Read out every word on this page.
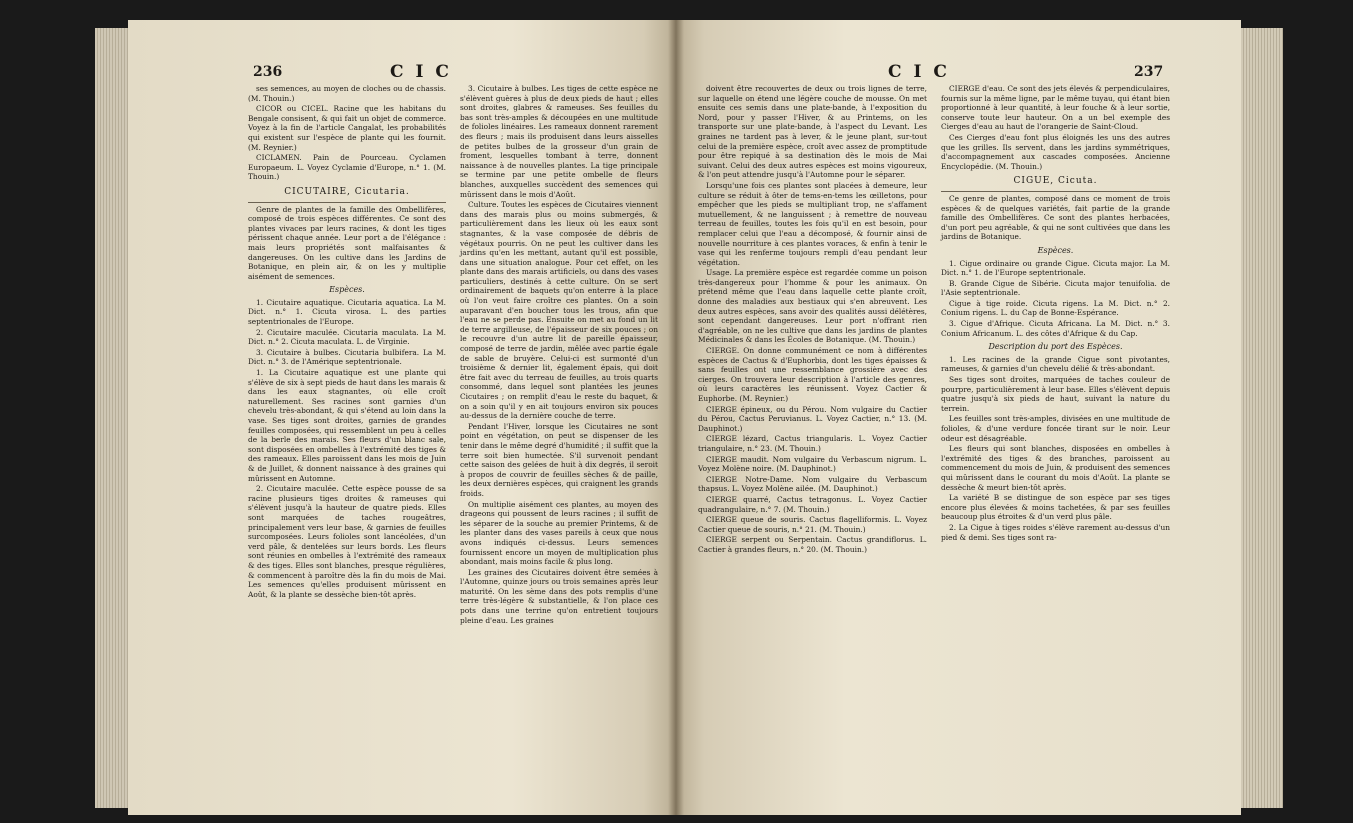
236	C I C

ses semences, au moyen de cloches ou de chassis. (M. Thouin.)

CICOR ou CICEL. Racine que les habitans du Bengale consisent, & qui fait un objet de commerce. Voyez à la fin de l'article Cangalat, les probabilités qui existent sur l'espèce de plante qui les fournit. (M. Reynier.)

CICLAMEN. Pain de Pourceau. Cyclamen Europaeum. L. Voyez Cyclamie d'Europe, n.° 1. (M. Thouin.)

CICUTAIRE, Cicutaria.

Genre de plantes de la famille des Ombellifères, composé de trois espèces différentes. Ce sont des plantes vivaces par leurs racines, & dont les tiges périssent chaque année. Leur port a de l'élégance : mais leurs propriétés sont malfaisantes & dangereuses. On les cultive dans les Jardins de Botanique, en plein air, & on les y multiplie aisément de semences.

Espèces.

1. Cicutaire aquatique. Cicutaria aquatica. La M. Dict. n.° 1. Cicuta virosa. L. des parties septentrionales de l'Europe.

2. Cicutaire maculée. Cicutaria maculata. La M. Dict. n.° 2. Cicuta maculata. L. de Virginie.

3. Cicutaire à bulbes. Cicutaria bulbifera. La M. Dict. n.° 3. de l'Amérique septentrionale.

1. La Cicutaire aquatique est une plante qui s'élève de six à sept pieds de haut dans les marais & dans les eaux stagnantes, où elle croît naturellement. Ses racines sont garnies d'un chevelu très-abondant, & qui s'étend au loin dans la vase. Ses tiges sont droites, garnies de grandes feuilles composées, qui ressemblent un peu à celles de la berle des marais. Ses fleurs d'un blanc sale, sont disposées en ombelles à l'extrémité des tiges & des rameaux. Elles paroissent dans les mois de Juin & de Juillet, & donnent naissance à des graines qui mûrissent en Automne.

2. Cicutaire maculée. Cette espèce pousse de sa racine plusieurs tiges droites & rameuses qui s'élèvent jusqu'à la hauteur de quatre pieds. Elles sont marquées de taches rougeâtres, principalement vers leur base, & garnies de feuilles surcomposées. Leurs folioles sont lancéolées, d'un verd pâle, & dentelées sur leurs bords. Les fleurs sont réunies en ombelles à l'extrémité des rameaux & des tiges. Elles sont blanches, presque régulières, & commencent à paroître dès la fin du mois de Mai. Les semences qu'elles produisent mûrissent en Août, & la plante se dessèche bien-tôt après.

3. Cicutaire à bulbes. Les tiges de cette espèce ne s'élèvent guères à plus de deux pieds de haut ; elles sont droites, glabres & rameuses. Ses feuilles du bas sont très-amples & découpées en une multitude de folioles linéaires. Les rameaux donnent rarement des fleurs ; mais ils produisent dans leurs aisselles de petites bulbes de la grosseur d'un grain de froment, lesquelles tombant à terre, donnent naissance à de nouvelles plantes. La tige principale se termine par une petite ombelle de fleurs blanches, auxquelles succèdent des semences qui mûrissent dans le mois d'Août.

Culture. Toutes les espèces de Cicutaires viennent dans des marais plus ou moins submergés, & particulièrement dans les lieux où les eaux sont stagnantes, & la vase composée de débris de végétaux pourris. On ne peut les cultiver dans les jardins qu'en les mettant, autant qu'il est possible, dans une situation analogue. Pour cet effet, on les plante dans des marais artificiels, ou dans des vases particuliers, destinés à cette culture. On se sert ordinairement de baquets qu'on enterre à la place où l'on veut faire croître ces plantes. On a soin auparavant d'en boucher tous les trous, afin que l'eau ne se perde pas. Ensuite on met au fond un lit de terre argilleuse, de l'épaisseur de six pouces ; on le recouvre d'un autre lit de pareille épaisseur, composé de terre de jardin, mêlée avec partie égale de sable de bruyère. Celui-ci est surmonté d'un troisième & dernier lit, également épais, qui doit être fait avec du terreau de feuilles, au trois quarts consommé, dans lequel sont plantées les jeunes Cicutaires ; on remplit d'eau le reste du baquet, & on a soin qu'il y en ait toujours environ six pouces au-dessus de la dernière couche de terre.

Pendant l'Hiver, lorsque les Cicutaires ne sont point en végétation, on peut se dispenser de les tenir dans le même degré d'humidité ; il suffit que la terre soit bien humectée. S'il survenoit pendant cette saison des gelées de huit à dix degrés, il seroit à propos de couvrir de feuilles sèches & de paille, les deux dernières espèces, qui craignent les grands froids.

On multiplie aisément ces plantes, au moyen des drageons qui poussent de leurs racines ; il suffit de les séparer de la souche au premier Printems, & de les planter dans des vases pareils à ceux que nous avons indiqués ci-dessus. Leurs semences fournissent encore un moyen de multiplication plus abondant, mais moins facile & plus long.

Les graines des Cicutaires doivent être semées à l'Automne, quinze jours ou trois semaines après leur maturité. On les sème dans des pots remplis d'une terre très-légère & substantielle, & l'on place ces pots dans une terrine qu'on entretient toujours pleine d'eau. Les graines

C I C	237

doivent être recouvertes de deux ou trois lignes de terre, sur laquelle on étend une légère couche de mousse. On met ensuite ces semis dans une plate-bande, à l'exposition du Nord, pour y passer l'Hiver, & au Printems, on les transporte sur une plate-bande, à l'aspect du Levant. Les graines ne tardent pas à lever, & le jeune plant, sur-tout celui de la première espèce, croît avec assez de promptitude pour être repiqué à sa destination dès le mois de Mai suivant. Celui des deux autres espèces est moins vigoureux, & l'on peut attendre jusqu'à l'Automne pour le séparer.

Lorsqu'une fois ces plantes sont placées à demeure, leur culture se réduit à ôter de tems-en-tems les œilletons, pour empêcher que les pieds se multipliant trop, ne s'affament mutuellement, & ne languissent ; à remettre de nouveau terreau de feuilles, toutes les fois qu'il en est besoin, pour remplacer celui que l'eau a décomposé, & fournir ainsi de nouvelle nourriture à ces plantes voraces, & enfin à tenir le vase qui les renferme toujours rempli d'eau pendant leur végétation.

Usage. La première espèce est regardée comme un poison très-dangereux pour l'homme & pour les animaux. On prétend même que l'eau dans laquelle cette plante croît, donne des maladies aux bestiaux qui s'en abreuvent. Les deux autres espèces, sans avoir des qualités aussi délétères, sont cependant dangereuses. Leur port n'offrant rien d'agréable, on ne les cultive que dans les jardins de plantes Médicinales & dans les Écoles de Botanique. (M. Thouin.)

CIERGE. On donne communément ce nom à différentes espèces de Cactus & d'Euphorbia, dont les tiges épaisses & sans feuilles ont une ressemblance grossière avec des cierges. On trouvera leur description à l'article des genres, où leurs caractères les réunissent. Voyez Cactier & Euphorbe. (M. Reynier.)

CIERGE épineux, ou du Pérou. Nom vulgaire du Cactier du Pérou, Cactus Peruvianus. L. Voyez Cactier, n.° 13. (M. Dauphinot.)

CIERGE lézard, Cactus triangularis. L. Voyez Cactier triangulaire, n.° 23. (M. Thouin.)

CIERGE maudit. Nom vulgaire du Verbascum nigrum. L. Voyez Molène noire. (M. Dauphinot.)

CIERGE Notre-Dame. Nom vulgaire du Verbascum thapsus. L. Voyez Molène ailée. (M. Dauphinot.)

CIERGE quarré, Cactus tetragonus. L. Voyez Cactier quadrangulaire, n.° 7. (M. Thouin.)

CIERGE queue de souris. Cactus flagelliformis. L. Voyez Cactier queue de souris, n.° 21. (M. Thouin.)

CIERGE serpent ou Serpentain. Cactus grandiflorus. L. Cactier à grandes fleurs, n.° 20. (M. Thouin.)

CIERGE d'eau. Ce sont des jets élevés & perpendiculaires, fournis sur la même ligne, par le même tuyau, qui étant bien proportionné à leur quantité, à leur fouche & à leur sortie, conserve toute leur hauteur. On a un bel exemple des Cierges d'eau au haut de l'orangerie de Saint-Cloud.

Ces Cierges d'eau font plus éloignés les uns des autres que les grilles. Ils servent, dans les jardins symmétriques, d'accompagnement aux cascades composées. Ancienne Encyclopédie. (M. Thouin.)

CIGUE, Cicuta.

Ce genre de plantes, composé dans ce moment de trois espèces & de quelques variétés, fait partie de la grande famille des Ombellifères. Ce sont des plantes herbacées, d'un port peu agréable, & qui ne sont cultivées que dans les jardins de Botanique.

Espèces.

1. Cigue ordinaire ou grande Cigue. Cicuta major. La M. Dict. n.° 1. de l'Europe septentrionale.

B. Grande Cigue de Sibérie. Cicuta major tenuifolia. de l'Asie septentrionale.

Cigue à tige roide. Cicuta rigens. La M. Dict. n.° 2. Conium rigens. L. du Cap de Bonne-Espérance.

3. Cigue d'Afrique. Cicuta Africana. La M. Dict. n.° 3. Conium Africanum. L. des côtes d'Afrique & du Cap.

Description du port des Espèces.

1. Les racines de la grande Cigue sont pivotantes, rameuses, & garnies d'un chevelu délié & très-abondant.

Ses tiges sont droites, marquées de taches couleur de pourpre, particulièrement à leur base. Elles s'élèvent depuis quatre jusqu'à six pieds de haut, suivant la nature du terrein.

Les feuilles sont très-amples, divisées en une multitude de folioles, & d'une verdure foncée tirant sur le noir. Leur odeur est désagréable.

Les fleurs qui sont blanches, disposées en ombelles à l'extrémité des tiges & des branches, paroissent au commencement du mois de Juin, & produisent des semences qui mûrissent dans le courant du mois d'Août. La plante se dessèche & meurt bien-tôt après.

La variété B se distingue de son espèce par ses tiges encore plus élevées & moins tachetées, & par ses feuilles beaucoup plus étroites & d'un verd plus pâle.

2. La Cigue à tiges roides s'élève rarement au-dessus d'un pied & demi. Ses tiges sont ra-
